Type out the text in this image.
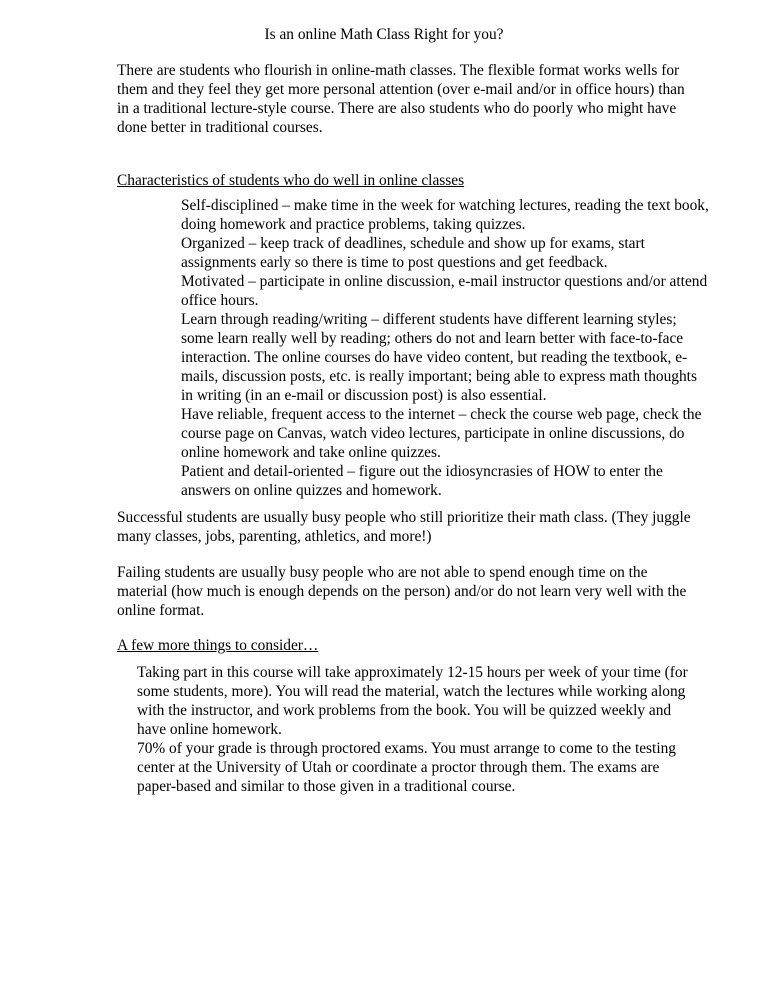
Is an online Math Class Right for you?

There are students who flourish in online-math classes. The flexible format works wells for them and they feel they get more personal attention (over e-mail and/or in office hours) than in a traditional lecture-style course. There are also students who do poorly who might have done better in traditional courses.

Characteristics of students who do well in online classes
Self-disciplined – make time in the week for watching lectures, reading the text book, doing homework and practice problems, taking quizzes.
Organized – keep track of deadlines, schedule and show up for exams, start assignments early so there is time to post questions and get feedback.
Motivated – participate in online discussion, e-mail instructor questions and/or attend office hours.
Learn through reading/writing – different students have different learning styles; some learn really well by reading; others do not and learn better with face-to-face interaction. The online courses do have video content, but reading the textbook, e-mails, discussion posts, etc. is really important; being able to express math thoughts in writing (in an e-mail or discussion post) is also essential.
Have reliable, frequent access to the internet – check the course web page, check the course page on Canvas, watch video lectures, participate in online discussions, do online homework and take online quizzes.
Patient and detail-oriented – figure out the idiosyncrasies of HOW to enter the answers on online quizzes and homework.

Successful students are usually busy people who still prioritize their math class. (They juggle many classes, jobs, parenting, athletics, and more!)

Failing students are usually busy people who are not able to spend enough time on the material (how much is enough depends on the person) and/or do not learn very well with the online format.

A few more things to consider…
Taking part in this course will take approximately 12-15 hours per week of your time (for some students, more). You will read the material, watch the lectures while working along with the instructor, and work problems from the book. You will be quizzed weekly and have online homework.
70% of your grade is through proctored exams. You must arrange to come to the testing center at the University of Utah or coordinate a proctor through them. The exams are paper-based and similar to those given in a traditional course.
